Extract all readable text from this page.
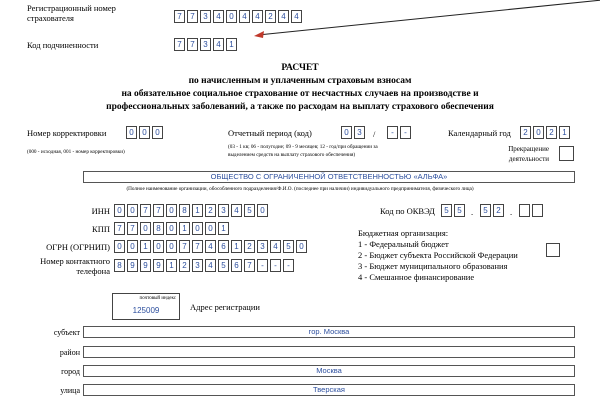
Регистрационный номер страхователя	7	7	3	4	0	4	4	2	4	4
Код подчиненности	7	7	3	4	1
РАСЧЕТ
по начисленным и уплаченным страховым взносам
на обязательное социальное страхование от несчастных случаев на производстве и
профессиональных заболеваний, а также по расходам на выплату страхового обеспечения
Номер корректировки	0	0	0
(000 - исходная, 001 - номер корректировки)
Отчетный период (код)	0	3	/	-	-
(03 - 1 кв; 06 - полугодие; 09 - 9 месяцев; 12 - год/при обращении за
выделением средств на выплату страхового обеспечения)
Календарный год	2	0	2	1
Прекращение
деятельности
ОБЩЕСТВО С ОГРАНИЧЕННОЙ ОТВЕТСТВЕННОСТЬЮ «АЛЬФА»
(Полное наименование организации, обособленного подразделения/Ф.И.О. (последнее при наличии) индивидуального предпринимателя, физического лица)
ИНН 0	0	7	7	0	8	1	2	3	4	5	0
КПП 7	7	0	8	0	1	0	0	1
ОГРН (ОГРНИП) 0	0	1	0	0	7	7	4	6	1	2	3	4	5	0
Номер контактного
телефона
8	9	9	9	1	2	3	4	5	6	7	-	-	-
Код по ОКВЭД	5	5	.	5	2	.
Бюджетная организация:
1 - Федеральный бюджет
2 - Бюджет субъекта Российской Федерации
3 - Бюджет муниципального образования
4 - Смешанное финансирование
почтовый индекс
125009	Адрес регистрации
субъект	гор. Москва
район
город	Москва
улица	Тверская
